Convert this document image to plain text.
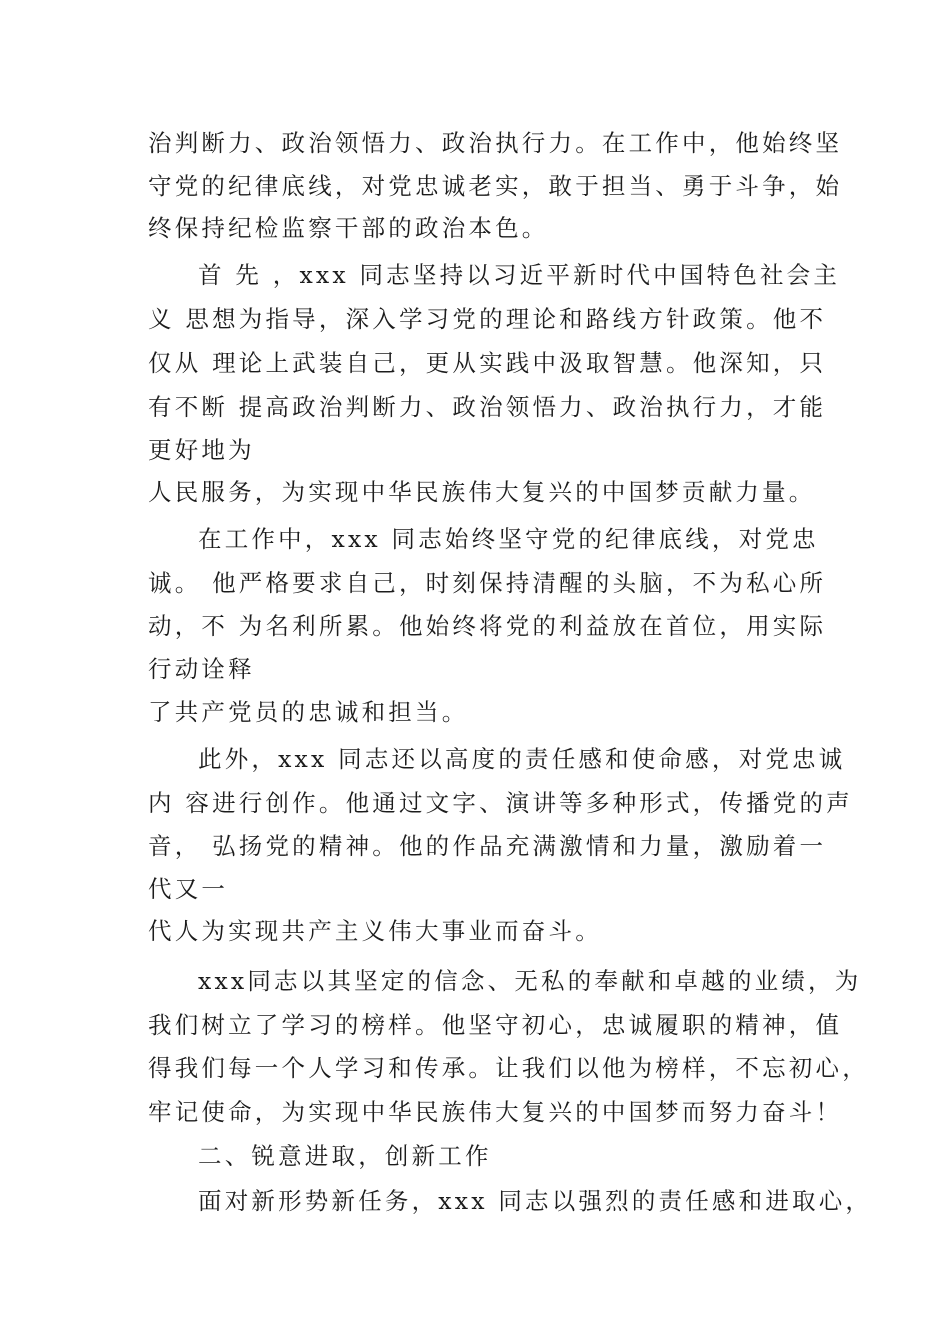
治判断力、政治领悟力、政治执行力。在工作中，他始终坚
守党的纪律底线，对党忠诚老实，敢于担当、勇于斗争，始
终保持纪检监察干部的政治本色。
首 先 ，xxx 同志坚持以习近平新时代中国特色社会主
义 思想为指导，深入学习党的理论和路线方针政策。他不
仅从 理论上武装自己，更从实践中汲取智慧。他深知，只
有不断 提高政治判断力、政治领悟力、政治执行力，才能
更好地为
人民服务，为实现中华民族伟大复兴的中国梦贡献力量。
在工作中，xxx 同志始终坚守党的纪律底线，对党忠
诚。 他严格要求自己，时刻保持清醒的头脑，不为私心所
动，不 为名利所累。他始终将党的利益放在首位，用实际
行动诠释
了共产党员的忠诚和担当。
此外，xxx 同志还以高度的责任感和使命感，对党忠诚
内 容进行创作。他通过文字、演讲等多种形式，传播党的声
音， 弘扬党的精神。他的作品充满激情和力量，激励着一
代又一
代人为实现共产主义伟大事业而奋斗。
xxx同志以其坚定的信念、无私的奉献和卓越的业绩，为
我们树立了学习的榜样。他坚守初心，忠诚履职的精神，值
得我们每一个人学习和传承。让我们以他为榜样，不忘初心，
牢记使命，为实现中华民族伟大复兴的中国梦而努力奋斗！
二、锐意进取，创新工作
面对新形势新任务，xxx 同志以强烈的责任感和进取心，
